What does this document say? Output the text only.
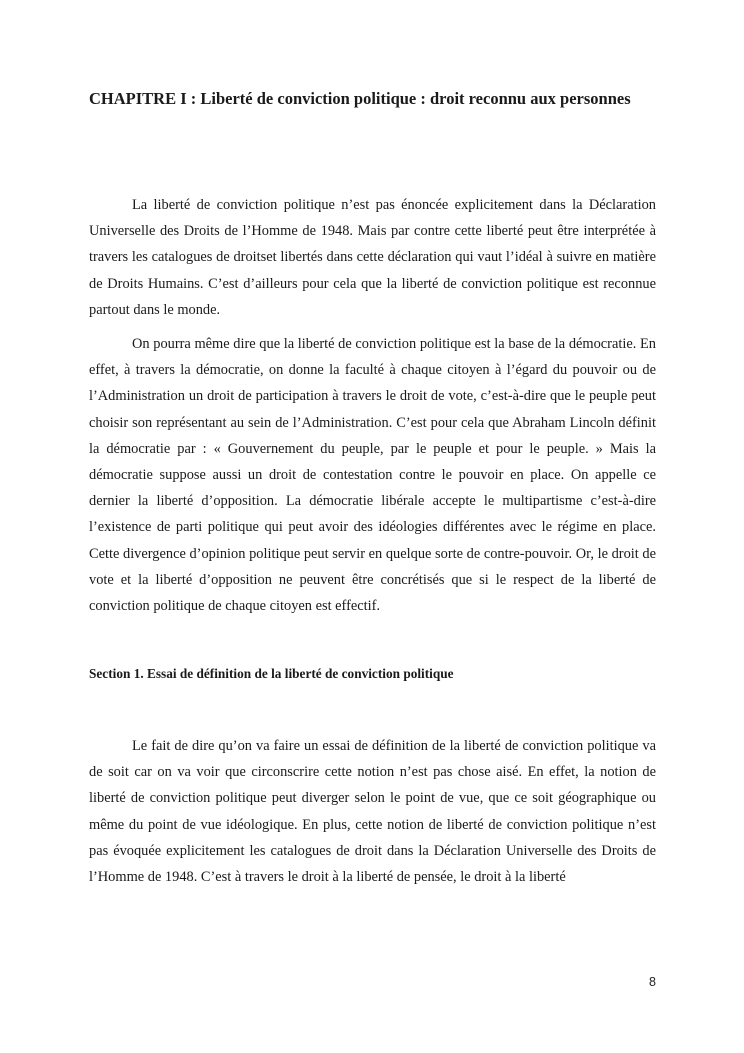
CHAPITRE I : Liberté de conviction politique : droit reconnu aux personnes

La liberté de conviction politique n’est pas énoncée explicitement dans la Déclaration Universelle des Droits de l’Homme de 1948. Mais par contre cette liberté peut être interprétée à travers les catalogues de droitset libertés dans cette déclaration qui vaut l’idéal à suivre en matière de Droits Humains. C’est d’ailleurs pour cela que la liberté de conviction politique est reconnue partout dans le monde.

On pourra même dire que la liberté de conviction politique est la base de la démocratie. En effet, à travers la démocratie, on donne la faculté à chaque citoyen à l’égard du pouvoir ou de l’Administration un droit de participation à travers le droit de vote, c’est-à-dire que le peuple peut choisir son représentant au sein de l’Administration. C’est pour cela que Abraham Lincoln définit la démocratie par : « Gouvernement du peuple, par le peuple et pour le peuple. » Mais la démocratie suppose aussi un droit de contestation contre le pouvoir en place. On appelle ce dernier la liberté d’opposition. La démocratie libérale accepte le multipartisme c’est-à-dire l’existence de parti politique qui peut avoir des idéologies différentes avec le régime en place. Cette divergence d’opinion politique peut servir en quelque sorte de contre-pouvoir. Or, le droit de vote et la liberté d’opposition ne peuvent être concrétisés que si le respect de la liberté de conviction politique de chaque citoyen est effectif.

Section 1. Essai de définition de la liberté de conviction politique

Le fait de dire qu’on va faire un essai de définition de la liberté de conviction politique va de soit car on va voir que circonscrire cette notion n’est pas chose aisé. En effet, la notion de liberté de conviction politique peut diverger selon le point de vue, que ce soit géographique ou même du point de vue idéologique. En plus, cette notion de liberté de conviction politique n’est pas évoquée explicitement les catalogues de droit dans la Déclaration Universelle des Droits de l’Homme de 1948. C’est à travers le droit à la liberté de pensée, le droit à la liberté

8
